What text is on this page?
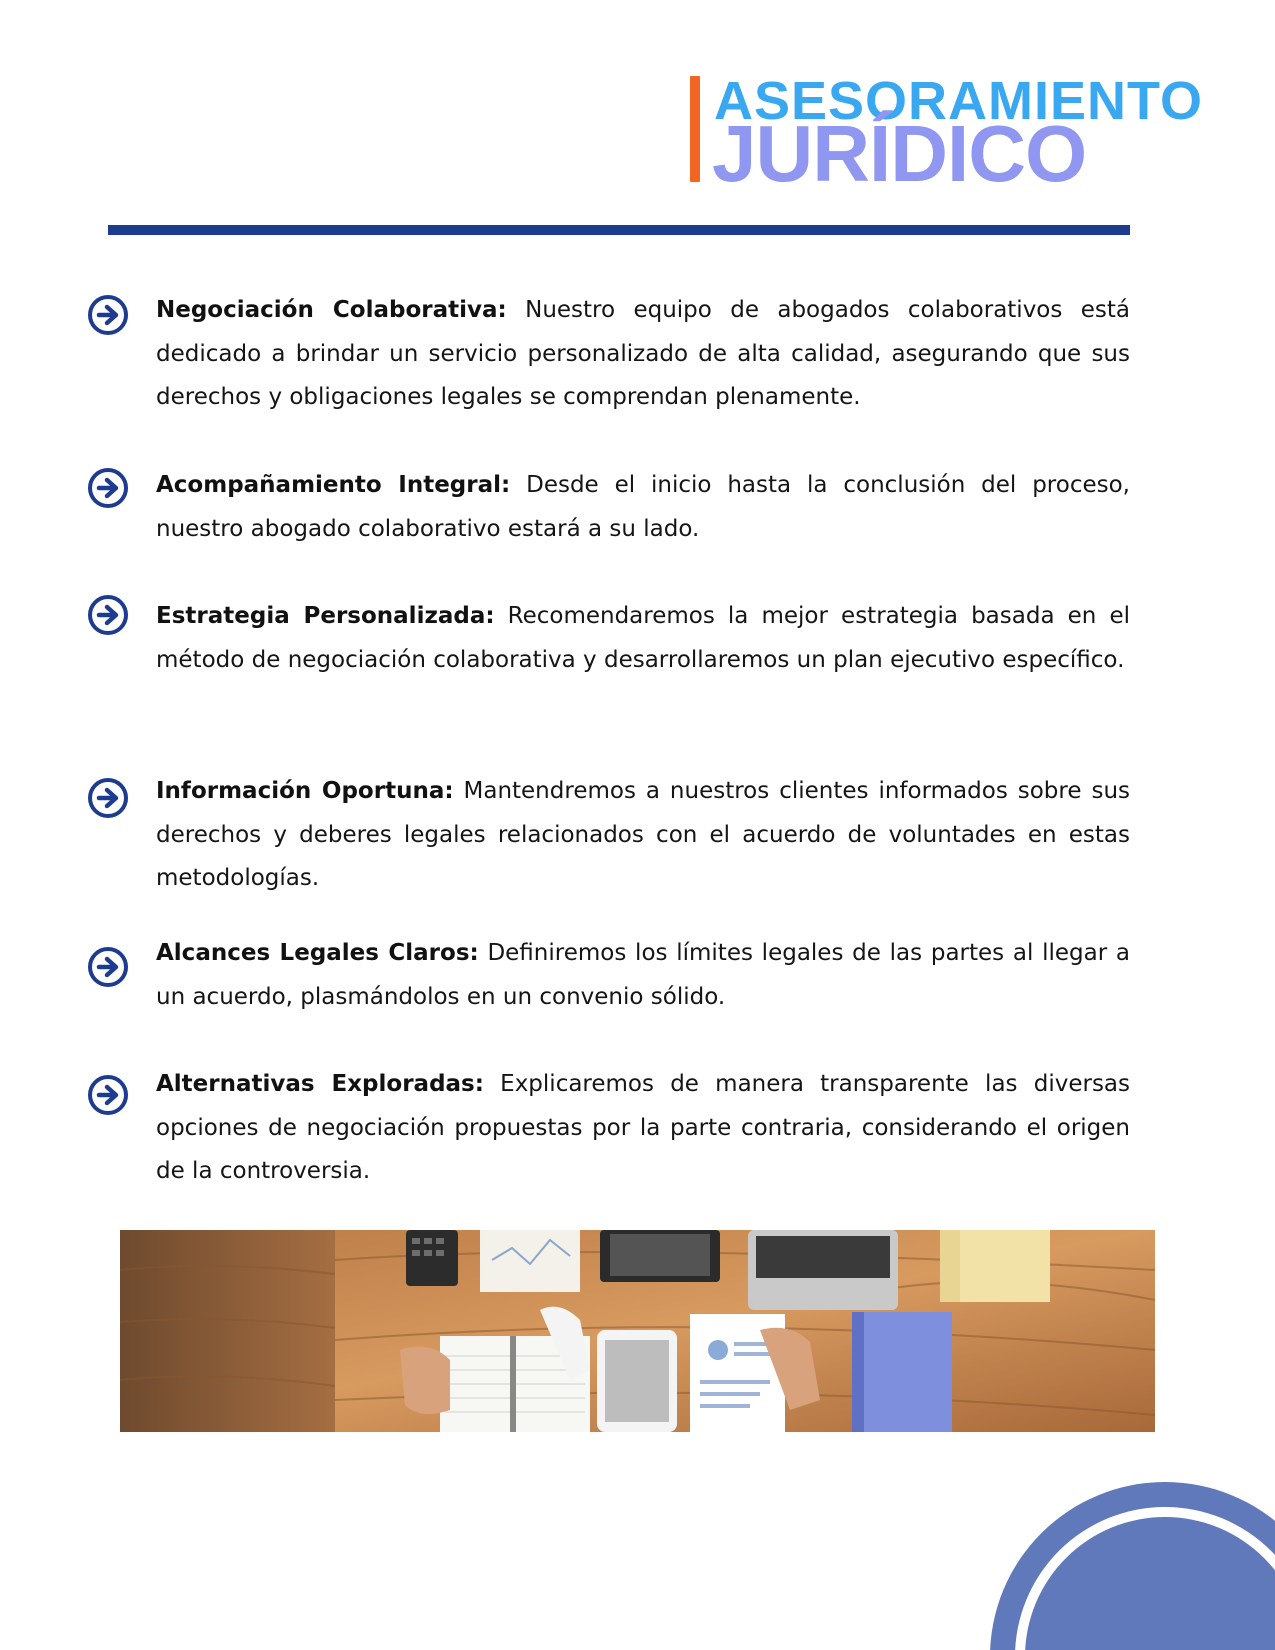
ASESORAMIENTO
JURÍDICO

Negociación Colaborativa: Nuestro equipo de abogados colaborativos está dedicado a brindar un servicio personalizado de alta calidad, asegurando que sus derechos y obligaciones legales se comprendan plenamente.

Acompañamiento Integral: Desde el inicio hasta la conclusión del proceso, nuestro abogado colaborativo estará a su lado.

Estrategia Personalizada: Recomendaremos la mejor estrategia basada en el método de negociación colaborativa y desarrollaremos un plan ejecutivo específico.

Información Oportuna: Mantendremos a nuestros clientes informados sobre sus derechos y deberes legales relacionados con el acuerdo de voluntades en estas metodologías.

Alcances Legales Claros: Definiremos los límites legales de las partes al llegar a un acuerdo, plasmándolos en un convenio sólido.

Alternativas Exploradas: Explicaremos de manera transparente las diversas opciones de negociación propuestas por la parte contraria, considerando el origen de la controversia.
